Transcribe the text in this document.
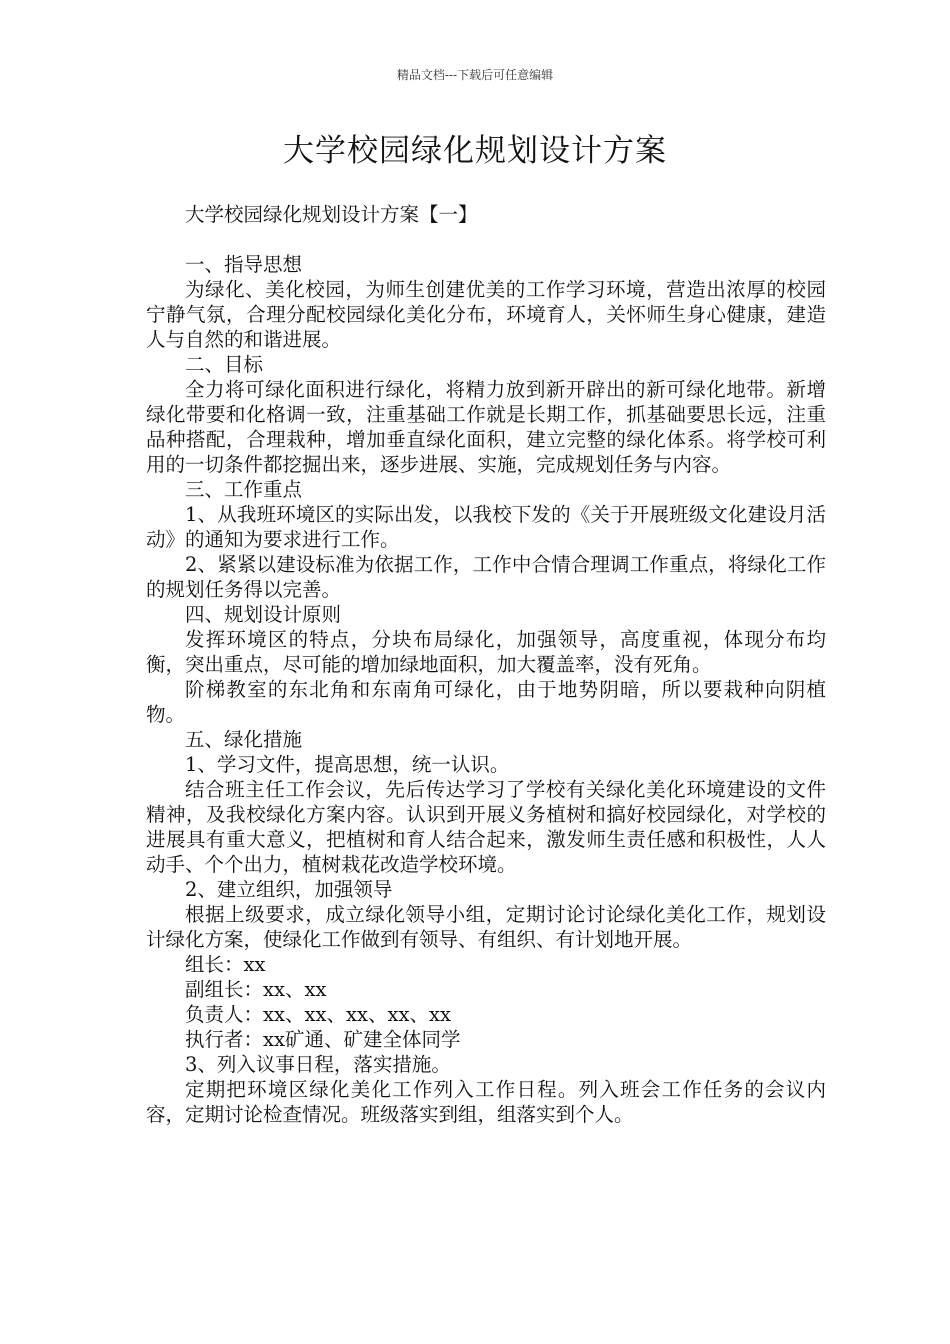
精品文档---下载后可任意编辑
大学校园绿化规划设计方案

大学校园绿化规划设计方案【一】

一、指导思想

为绿化、美化校园，为师生创建优美的工作学习环境，营造出浓厚的校园宁静气氛，合理分配校园绿化美化分布，环境育人，关怀师生身心健康，建造人与自然的和谐进展。

二、目标

全力将可绿化面积进行绿化，将精力放到新开辟出的新可绿化地带。新增绿化带要和化格调一致，注重基础工作就是长期工作，抓基础要思长远，注重品种搭配，合理栽种，增加垂直绿化面积，建立完整的绿化体系。将学校可利用的一切条件都挖掘出来，逐步进展、实施，完成规划任务与内容。

三、工作重点

1、从我班环境区的实际出发，以我校下发的《关于开展班级文化建设月活动》的通知为要求进行工作。

2、紧紧以建设标准为依据工作，工作中合情合理调工作重点，将绿化工作的规划任务得以完善。

四、规划设计原则

发挥环境区的特点，分块布局绿化，加强领导，高度重视，体现分布均衡，突出重点，尽可能的增加绿地面积，加大覆盖率，没有死角。

阶梯教室的东北角和东南角可绿化，由于地势阴暗，所以要栽种向阴植物。

五、绿化措施

1、学习文件，提高思想，统一认识。

结合班主任工作会议，先后传达学习了学校有关绿化美化环境建设的文件精神，及我校绿化方案内容。认识到开展义务植树和搞好校园绿化，对学校的进展具有重大意义，把植树和育人结合起来，激发师生责任感和积极性，人人动手、个个出力，植树栽花改造学校环境。

2、建立组织，加强领导

根据上级要求，成立绿化领导小组，定期讨论讨论绿化美化工作，规划设计绿化方案，使绿化工作做到有领导、有组织、有计划地开展。

组长：xx

副组长：xx、xx

负责人：xx、xx、xx、xx、xx

执行者：xx矿通、矿建全体同学

3、列入议事日程，落实措施。

定期把环境区绿化美化工作列入工作日程。列入班会工作任务的会议内容，定期讨论检查情况。班级落实到组，组落实到个人。
